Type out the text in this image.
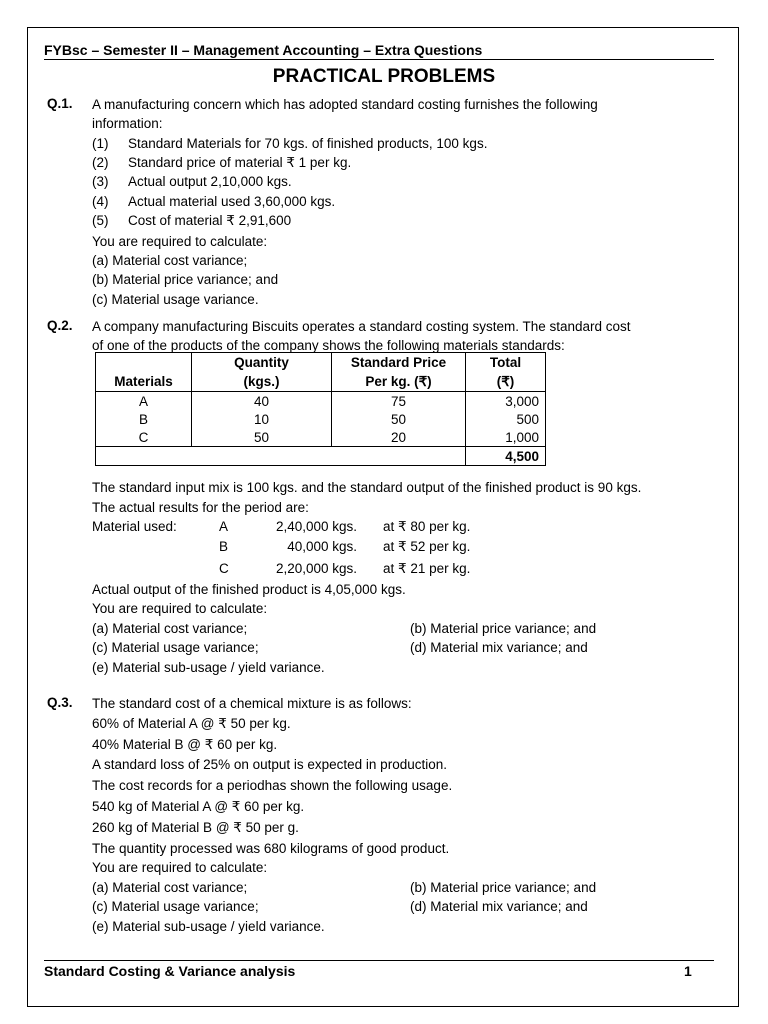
FYBsc – Semester II – Management Accounting – Extra Questions
PRACTICAL PROBLEMS
Q.1. A manufacturing concern which has adopted standard costing furnishes the following
information:
(1) Standard Materials for 70 kgs. of finished products, 100 kgs.
(2) Standard price of material ₹ 1 per kg.
(3) Actual output 2,10,000 kgs.
(4) Actual material used 3,60,000 kgs.
(5) Cost of material ₹ 2,91,600
You are required to calculate:
(a) Material cost variance;
(b) Material price variance; and
(c) Material usage variance.
Q.2. A company manufacturing Biscuits operates a standard costing system. The standard cost
of one of the products of the company shows the following materials standards:
	Quantity	Standard Price	Total
Materials	(kgs.)	Per kg. (₹)	(₹)
A	40	75	3,000
B	10	50	500
C	50	20	1,000
			4,500
The standard input mix is 100 kgs. and the standard output of the finished product is 90 kgs.
The actual results for the period are:
Material used:	A	2,40,000 kgs. at ₹ 80 per kg.
B	40,000 kgs. at ₹ 52 per kg.
C	2,20,000 kgs. at ₹ 21 per kg.
Actual output of the finished product is 4,05,000 kgs.
You are required to calculate:
(a) Material cost variance;	(b) Material price variance; and
(c) Material usage variance;	(d) Material mix variance; and
(e) Material sub-usage / yield variance.
Q.3. The standard cost of a chemical mixture is as follows:
60% of Material A @ ₹ 50 per kg.
40% Material B @ ₹ 60 per kg.
A standard loss of 25% on output is expected in production.
The cost records for a periodhas shown the following usage.
540 kg of Material A @ ₹ 60 per kg.
260 kg of Material B @ ₹ 50 per g.
The quantity processed was 680 kilograms of good product.
You are required to calculate:
(a) Material cost variance;	(b) Material price variance; and
(c) Material usage variance;	(d) Material mix variance; and
(e) Material sub-usage / yield variance.
Standard Costing & Variance analysis	1
